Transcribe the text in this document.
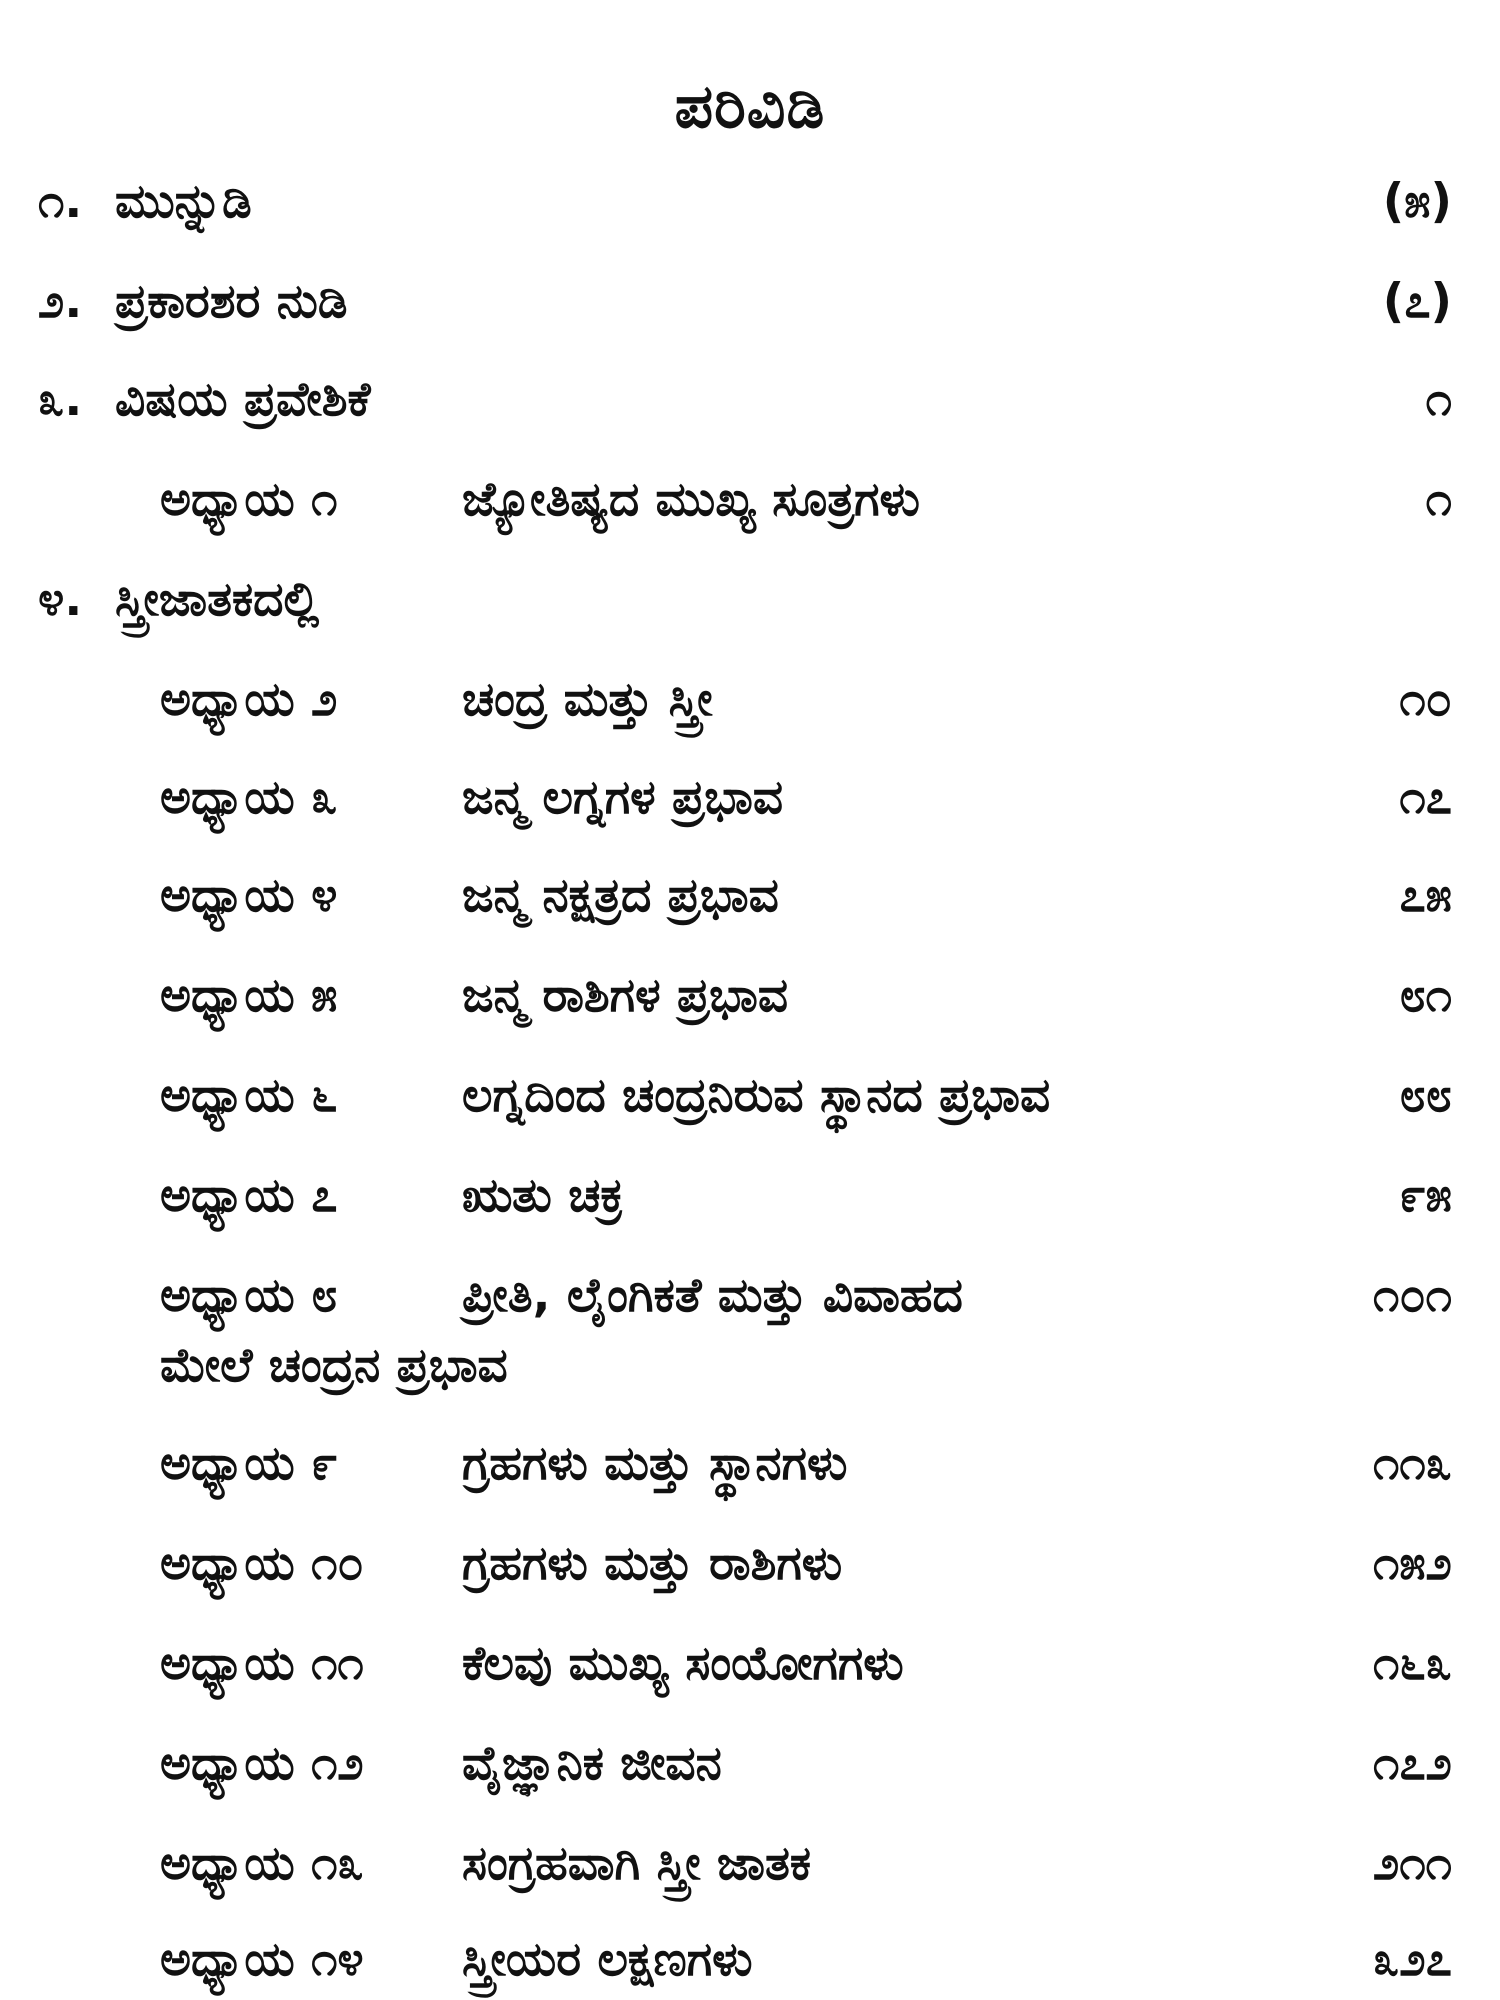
ಪರಿವಿಡಿ
೧. ಮುನ್ನುಡಿ	(೫)
೨. ಪ್ರಕಾರಶರ ನುಡಿ	(೭)
೩. ವಿಷಯ ಪ್ರವೇಶಿಕೆ	೧
ಅಧ್ಯಾಯ ೧	ಜ್ಯೋತಿಷ್ಯದ ಮುಖ್ಯ ಸೂತ್ರಗಳು	೧
೪. ಸ್ತ್ರೀಜಾತಕದಲ್ಲಿ
ಅಧ್ಯಾಯ ೨	ಚಂದ್ರ ಮತ್ತು ಸ್ತ್ರೀ	೧೦
ಅಧ್ಯಾಯ ೩	ಜನ್ಮ ಲಗ್ನಗಳ ಪ್ರಭಾವ	೧೭
ಅಧ್ಯಾಯ ೪	ಜನ್ಮ ನಕ್ಷತ್ರದ ಪ್ರಭಾವ	೭೫
ಅಧ್ಯಾಯ ೫	ಜನ್ಮ ರಾಶಿಗಳ ಪ್ರಭಾವ	೮೧
ಅಧ್ಯಾಯ ೬	ಲಗ್ನದಿಂದ ಚಂದ್ರನಿರುವ ಸ್ಥಾನದ ಪ್ರಭಾವ	೮೮
ಅಧ್ಯಾಯ ೭	ಋತು ಚಕ್ರ	೯೫
ಅಧ್ಯಾಯ ೮	ಪ್ರೀತಿ, ಲೈಂಗಿಕತೆ ಮತ್ತು ವಿವಾಹದ	೧೦೧
ಮೇಲೆ ಚಂದ್ರನ ಪ್ರಭಾವ
ಅಧ್ಯಾಯ ೯	ಗ್ರಹಗಳು ಮತ್ತು ಸ್ಥಾನಗಳು	೧೧೩
ಅಧ್ಯಾಯ ೧೦ ಗ್ರಹಗಳು ಮತ್ತು ರಾಶಿಗಳು	೧೫೨
ಅಧ್ಯಾಯ ೧೧ ಕೆಲವು ಮುಖ್ಯ ಸಂಯೋಗಗಳು	೧೬೩
ಅಧ್ಯಾಯ ೧೨ ವೈಜ್ಞಾನಿಕ ಜೀವನ	೧೭೨
ಅಧ್ಯಾಯ ೧೩ ಸಂಗ್ರಹವಾಗಿ ಸ್ತ್ರೀ ಜಾತಕ	೨೧೧
ಅಧ್ಯಾಯ ೧೪ ಸ್ತ್ರೀಯರ ಲಕ್ಷಣಗಳು	೩೨೭
